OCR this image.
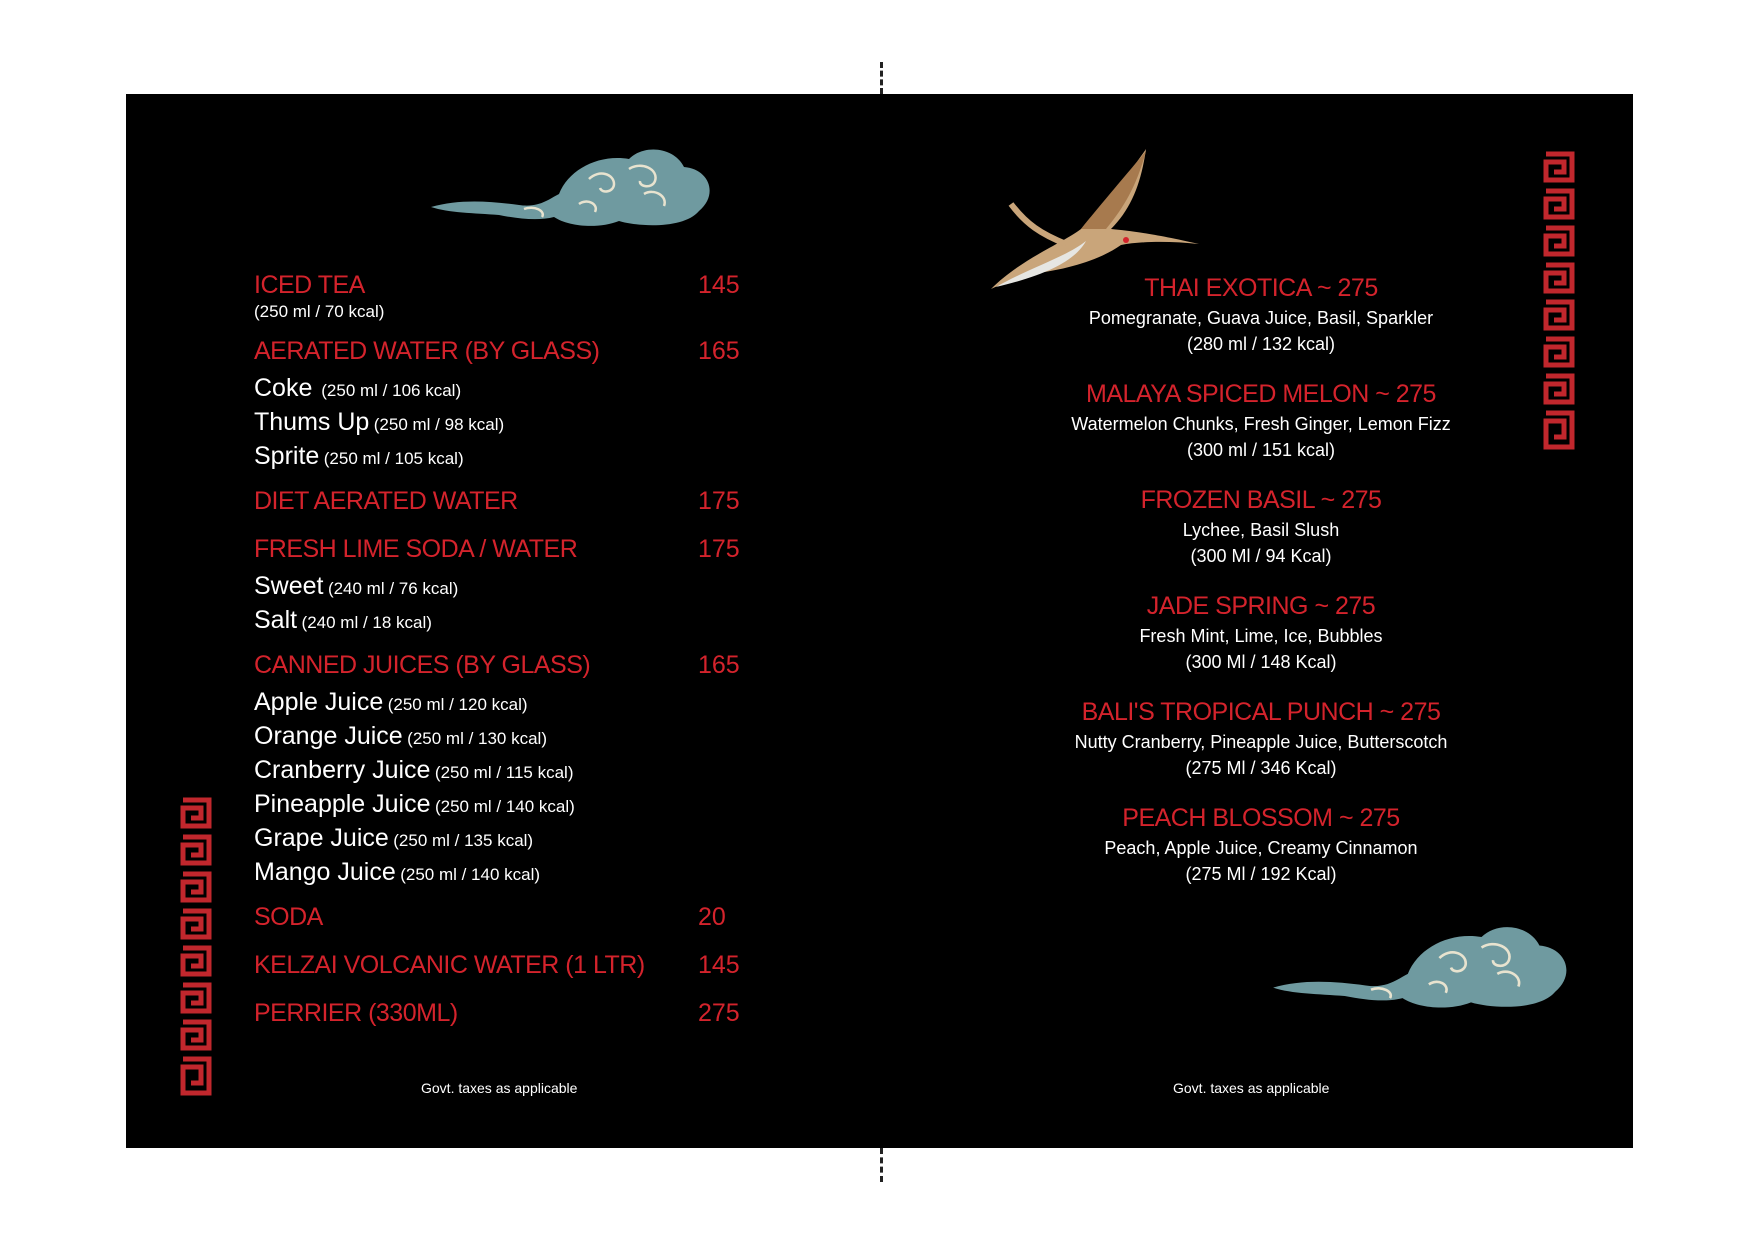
ICED TEA	145
(250 ml / 70 kcal)
AERATED WATER (BY GLASS)	165
Coke (250 ml / 106 kcal)
Thums Up (250 ml / 98 kcal)
Sprite (250 ml / 105 kcal)
DIET AERATED WATER	175
FRESH LIME SODA / WATER	175
Sweet (240 ml / 76 kcal)
Salt (240 ml / 18 kcal)
CANNED JUICES (BY GLASS)	165
Apple Juice (250 ml / 120 kcal)
Orange Juice (250 ml / 130 kcal)
Cranberry Juice (250 ml / 115 kcal)
Pineapple Juice (250 ml / 140 kcal)
Grape Juice (250 ml / 135 kcal)
Mango Juice (250 ml / 140 kcal)
SODA	20
KELZAI VOLCANIC WATER (1 LTR) 145
PERRIER (330ML)	275
Govt. taxes as applicable
THAI EXOTICA ~ 275
Pomegranate, Guava Juice, Basil, Sparkler
(280 ml / 132 kcal)
MALAYA SPICED MELON ~ 275
Watermelon Chunks, Fresh Ginger, Lemon Fizz
(300 ml / 151 kcal)
FROZEN BASIL ~ 275
Lychee, Basil Slush
(300 Ml / 94 Kcal)
JADE SPRING ~ 275
Fresh Mint, Lime, Ice, Bubbles
(300 Ml / 148 Kcal)
BALI'S TROPICAL PUNCH ~ 275
Nutty Cranberry, Pineapple Juice, Butterscotch
(275 Ml / 346 Kcal)
PEACH BLOSSOM ~ 275
Peach, Apple Juice, Creamy Cinnamon
(275 Ml / 192 Kcal)
Govt. taxes as applicable
